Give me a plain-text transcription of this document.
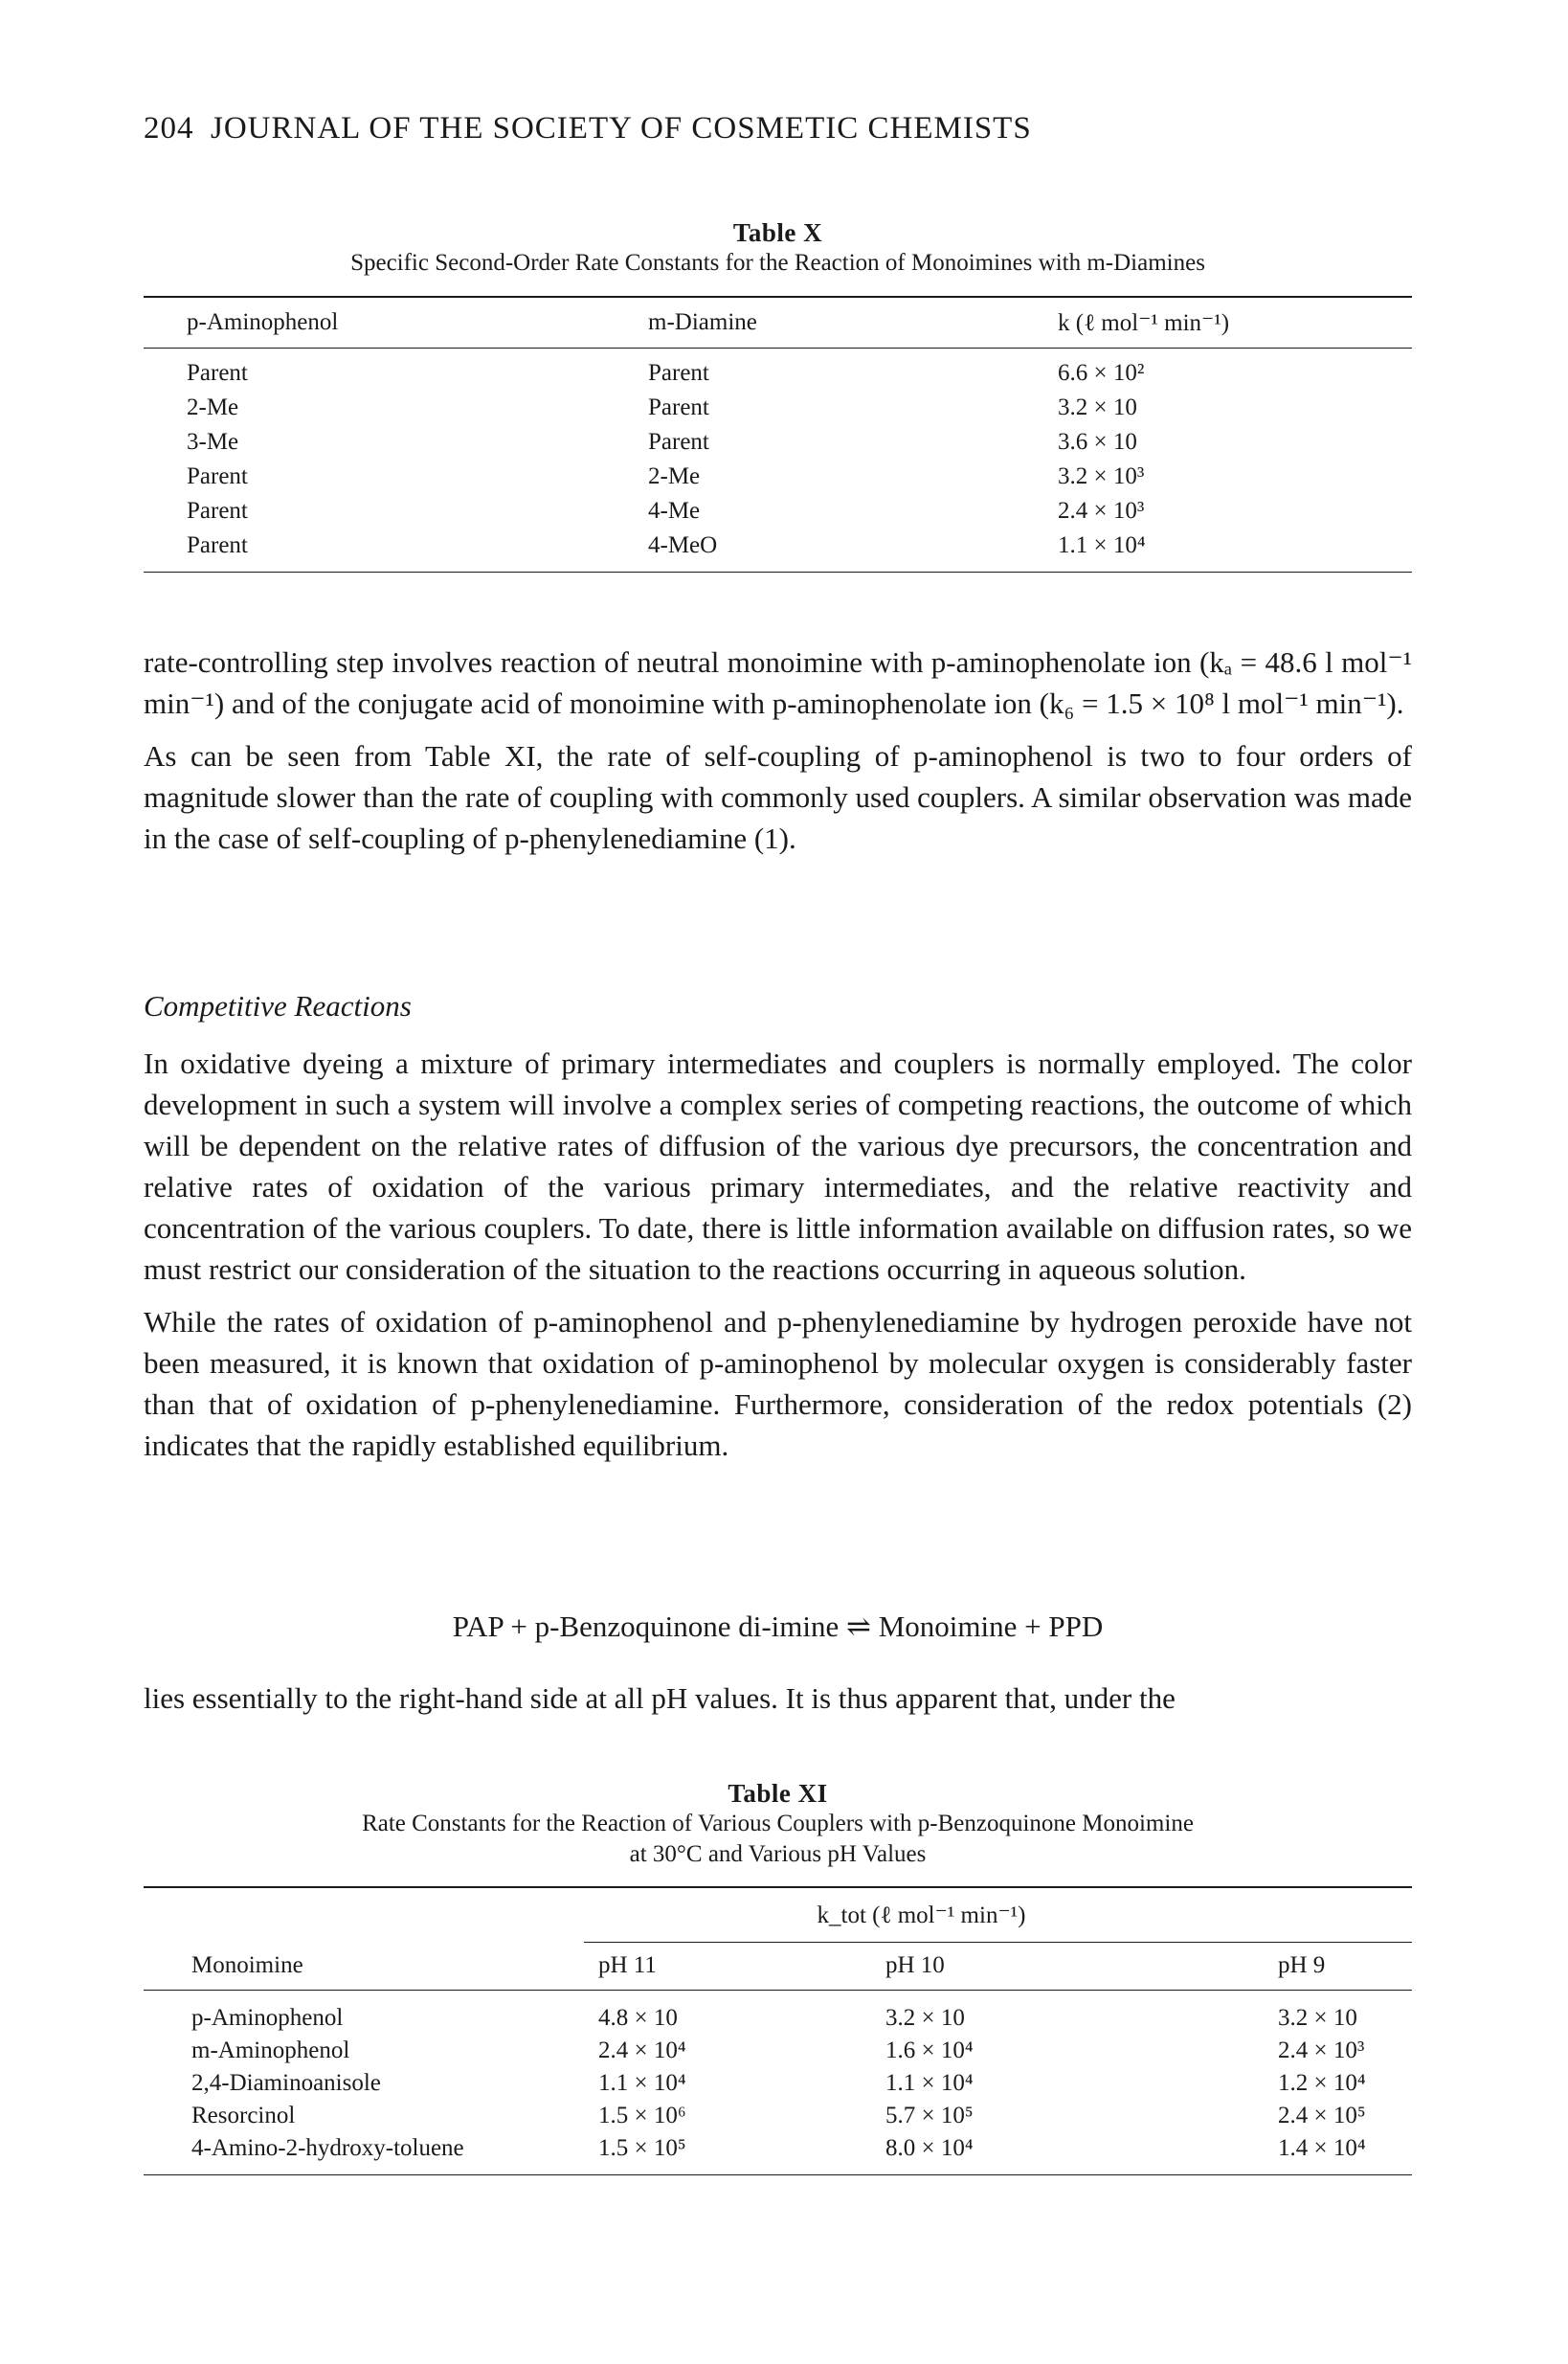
204 JOURNAL OF THE SOCIETY OF COSMETIC CHEMISTS
Table X
Specific Second-Order Rate Constants for the Reaction of Monoimines with m-Diamines

p-Aminophenol	m-Diamine	k (ℓ mol⁻¹ min⁻¹)

Parent	Parent	6.6 × 10²
2-Me	Parent	3.2 × 10
3-Me	Parent	3.6 × 10
Parent	2-Me	3.2 × 10³
Parent	4-Me	2.4 × 10³
Parent	4-MeO	1.1 × 10⁴

rate-controlling step involves reaction of neutral monoimine with p-aminophenolate ion (kₐ = 48.6 l mol⁻¹ min⁻¹) and of the conjugate acid of monoimine with p-aminophenolate ion (k₆ = 1.5 × 10⁸ l mol⁻¹ min⁻¹).

As can be seen from Table XI, the rate of self-coupling of p-aminophenol is two to four orders of magnitude slower than the rate of coupling with commonly used couplers. A similar observation was made in the case of self-coupling of p-phenylenediamine (1).

Competitive Reactions

In oxidative dyeing a mixture of primary intermediates and couplers is normally employed. The color development in such a system will involve a complex series of competing reactions, the outcome of which will be dependent on the relative rates of diffusion of the various dye precursors, the concentration and relative rates of oxidation of the various primary intermediates, and the relative reactivity and concentration of the various couplers. To date, there is little information available on diffusion rates, so we must restrict our consideration of the situation to the reactions occurring in aqueous solution.

While the rates of oxidation of p-aminophenol and p-phenylenediamine by hydrogen peroxide have not been measured, it is known that oxidation of p-aminophenol by molecular oxygen is considerably faster than that of oxidation of p-phenylenediamine. Furthermore, consideration of the redox potentials (2) indicates that the rapidly established equilibrium.

PAP + p-Benzoquinone di-imine ⇌ Monoimine + PPD

lies essentially to the right-hand side at all pH values. It is thus apparent that, under the

Table XI
Rate Constants for the Reaction of Various Couplers with p-Benzoquinone Monoimine
at 30°C and Various pH Values

	k_tot (ℓ mol⁻¹ min⁻¹)		

Monoimine	pH 11	pH 10	pH 9

p-Aminophenol	4.8 × 10	3.2 × 10	3.2 × 10
m-Aminophenol	2.4 × 10⁴	1.6 × 10⁴	2.4 × 10³
2,4-Diaminoanisole	1.1 × 10⁴	1.1 × 10⁴	1.2 × 10⁴
Resorcinol	1.5 × 10⁶	5.7 × 10⁵	2.4 × 10⁵
4-Amino-2-hydroxy-toluene	1.5 × 10⁵	8.0 × 10⁴	1.4 × 10⁴
